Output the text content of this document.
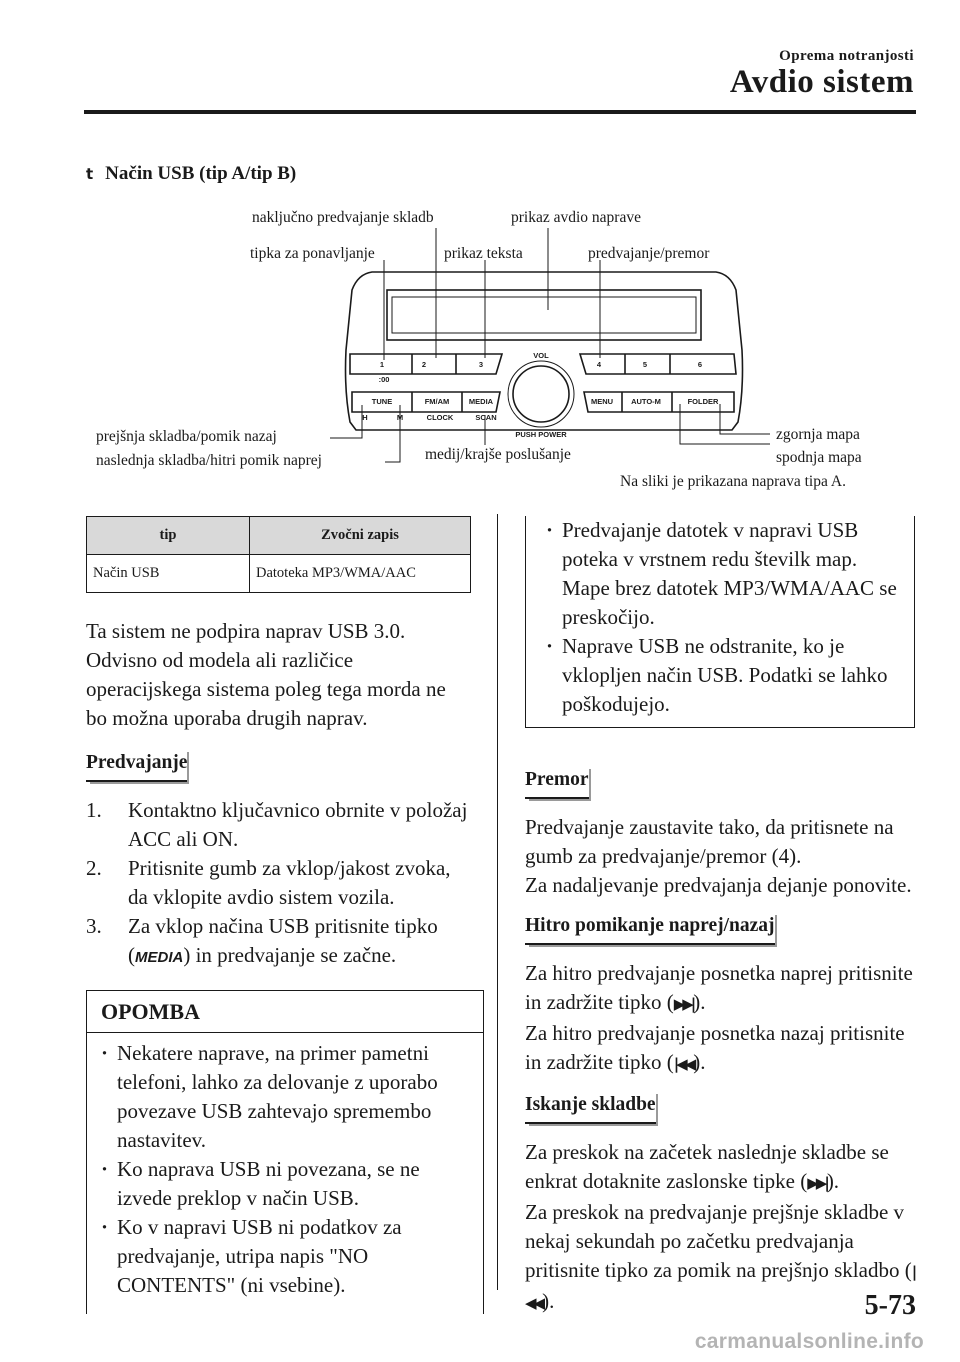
Oprema notranjosti
Avdio sistem
t Način USB (tip A/tip B)
1	2	3	4	5	6
:00
VOL
PUSH POWER
TUNE	FM/AM	MEDIA	MENU AUTO-M	FOLDER
H	M	CLOCK	SCAN
naključno predvajanje skladb	prikaz avdio naprave
tipka za ponavljanje	prikaz teksta	predvajanje/premor
prejšnja skladba/pomik nazaj
naslednja skladba/hitri pomik naprej	medij/krajše poslušanje
zgornja mapa
spodnja mapa
Na sliki je prikazana naprava tipa A.
tip	Zvočni zapis
Način USB	Datoteka MP3/WMA/AAC

Ta sistem ne podpira naprav USB 3.0. Odvisno od modela ali različice operacijskega sistema poleg tega morda ne bo možna uporaba drugih naprav.

Predvajanje
1. Kontaktno ključavnico obrnite v položaj ACC ali ON.
2. Pritisnite gumb za vklop/jakost zvoka, da vklopite avdio sistem vozila.
3. Za vklop načina USB pritisnite tipko (MEDIA) in predvajanje se začne.
OPOMBA
· Nekatere naprave, na primer pametni telefoni, lahko za delovanje z uporabo povezave USB zahtevajo spremembo nastavitev.
· Ko naprava USB ni povezana, se ne izvede preklop v način USB.
· Ko v napravi USB ni podatkov za predvajanje, utripa napis "NO CONTENTS" (ni vsebine).
· Predvajanje datotek v napravi USB poteka v vrstnem redu številk map. Mape brez datotek MP3/WMA/AAC se preskočijo.
· Naprave USB ne odstranite, ko je vklopljen način USB. Podatki se lahko poškodujejo.
Premor

Predvajanje zaustavite tako, da pritisnete na gumb za predvajanje/premor (4).

Za nadaljevanje predvajanja dejanje ponovite.

Hitro pomikanje naprej/nazaj

Za hitro predvajanje posnetka naprej pritisnite in zadržite tipko (▶▶|).

Za hitro predvajanje posnetka nazaj pritisnite in zadržite tipko (|◀◀).

Iskanje skladbe

Za preskok na začetek naslednje skladbe se enkrat dotaknite zaslonske tipke (▶▶|).

Za preskok na predvajanje prejšnje skladbe v nekaj sekundah po začetku predvajanja pritisnite tipko za pomik na prejšnjo skladbo (|◀◀).	5-73
carmanualsonline.info
